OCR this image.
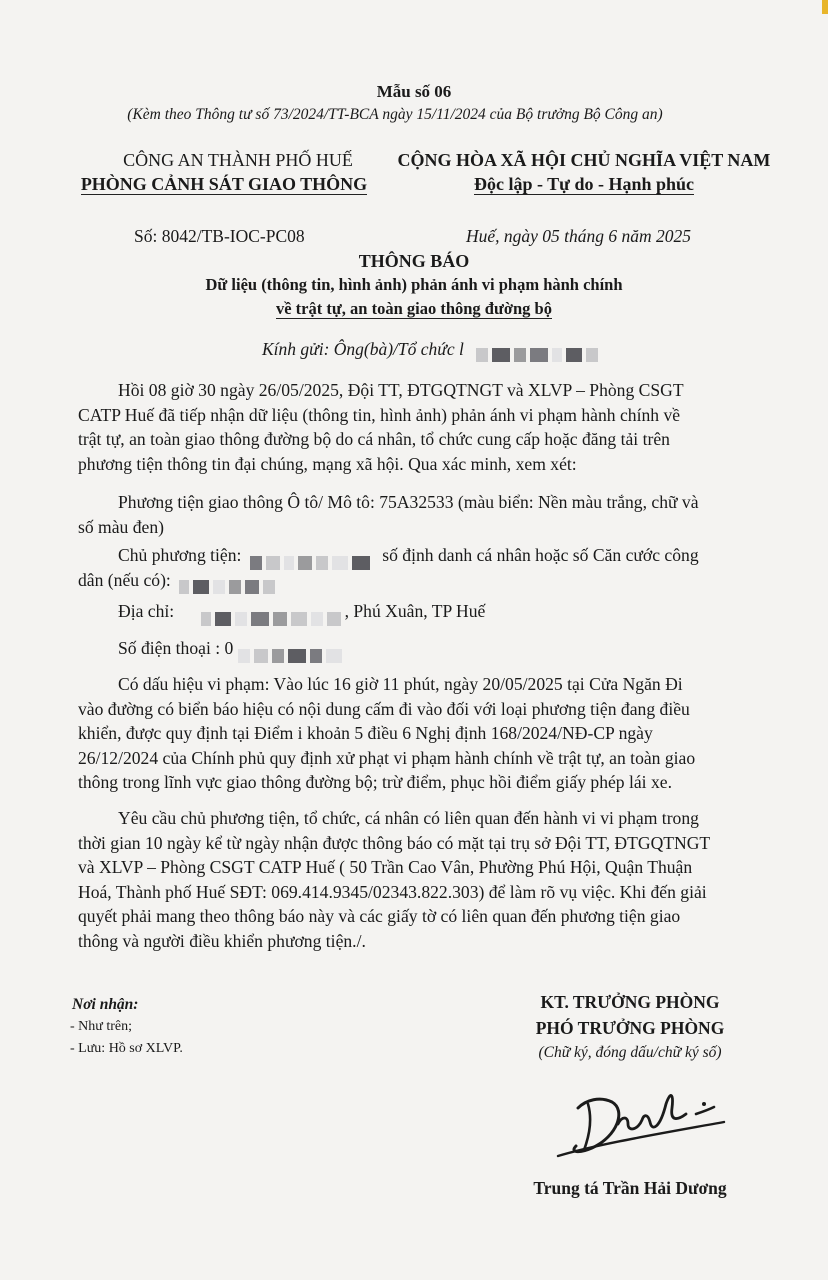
Mẫu số 06
(Kèm theo Thông tư số 73/2024/TT-BCA ngày 15/11/2024 của Bộ trưởng Bộ Công an)
CÔNG AN THÀNH PHỐ HUẾ
PHÒNG CẢNH SÁT GIAO THÔNG
CỘNG HÒA XÃ HỘI CHỦ NGHĨA VIỆT NAM
Độc lập - Tự do - Hạnh phúc
Số: 8042/TB-IOC-PC08	Huế, ngày 05 tháng 6 năm 2025
THÔNG BÁO
Dữ liệu (thông tin, hình ảnh) phản ánh vi phạm hành chính
về trật tự, an toàn giao thông đường bộ
Kính gửi: Ông(bà)/Tổ chức l
Hồi 08 giờ 30 ngày 26/05/2025, Đội TT, ĐTGQTNGT và XLVP – Phòng CSGT
CATP Huế đã tiếp nhận dữ liệu (thông tin, hình ảnh) phản ánh vi phạm hành chính về
trật tự, an toàn giao thông đường bộ do cá nhân, tổ chức cung cấp hoặc đăng tải trên
phương tiện thông tin đại chúng, mạng xã hội. Qua xác minh, xem xét:
Phương tiện giao thông Ô tô/ Mô tô: 75A32533 (màu biển: Nền màu trắng, chữ và
số màu đen)
Chủ phương tiện:	số định danh cá nhân hoặc số Căn cước công
dân (nếu có):
Địa chỉ:	, Phú Xuân, TP Huế
Số điện thoại : 0
Có dấu hiệu vi phạm: Vào lúc 16 giờ 11 phút, ngày 20/05/2025 tại Cửa Ngăn Đi
vào đường có biển báo hiệu có nội dung cấm đi vào đối với loại phương tiện đang điều
khiển, được quy định tại Điểm i khoản 5 điều 6 Nghị định 168/2024/NĐ-CP ngày
26/12/2024 của Chính phủ quy định xử phạt vi phạm hành chính về trật tự, an toàn giao
thông trong lĩnh vực giao thông đường bộ; trừ điểm, phục hồi điểm giấy phép lái xe.
Yêu cầu chủ phương tiện, tổ chức, cá nhân có liên quan đến hành vi vi phạm trong
thời gian 10 ngày kể từ ngày nhận được thông báo có mặt tại trụ sở Đội TT, ĐTGQTNGT
và XLVP – Phòng CSGT CATP Huế ( 50 Trần Cao Vân, Phường Phú Hội, Quận Thuận
Hoá, Thành phố Huế SĐT: 069.414.9345/02343.822.303) để làm rõ vụ việc. Khi đến giải
quyết phải mang theo thông báo này và các giấy tờ có liên quan đến phương tiện giao
thông và người điều khiển phương tiện./.
Nơi nhận:
- Như trên;
- Lưu: Hồ sơ XLVP.
KT. TRƯỞNG PHÒNG
PHÓ TRƯỞNG PHÒNG
(Chữ ký, đóng dấu/chữ ký số)
Trung tá Trần Hải Dương
